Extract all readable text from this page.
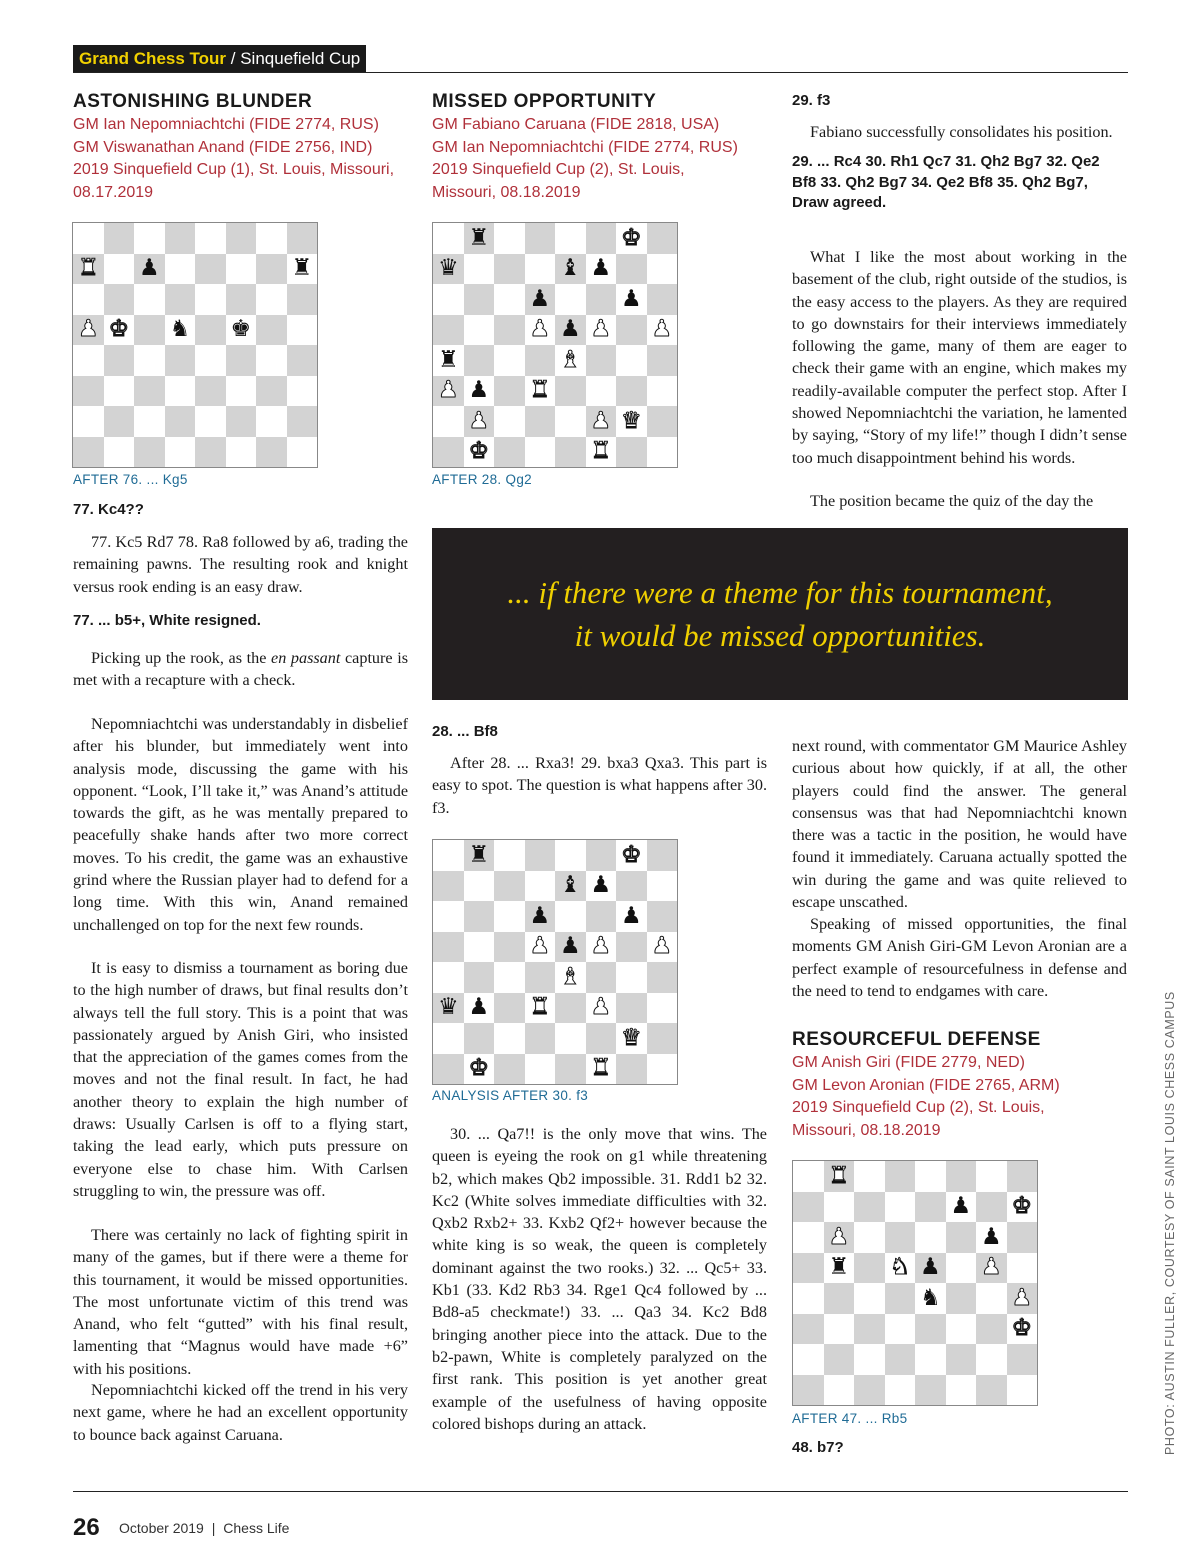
Grand Chess Tour / Sinquefield Cup
ASTONISHING BLUNDER
GM Ian Nepomniachtchi (FIDE 2774, RUS)
GM Viswanathan Anand (FIDE 2756, IND)
2019 Sinquefield Cup (1), St. Louis, Missouri,
08.17.2019
♜ ♟	♜
♟ ♚ ♞ ♚
AFTER 76. ... Kg5
77. Kc4??

77. Kc5 Rd7 78. Ra8 followed by a6, trading the remaining pawns. The resulting rook and knight versus rook ending is an easy draw.

77. ... b5+, White resigned.

Picking up the rook, as the en passant capture is met with a recapture with a check.

Nepomniachtchi was understandably in disbelief after his blunder, but immediately went into analysis mode, discussing the game with his opponent. “Look, I’ll take it,” was Anand’s attitude towards the gift, as he was mentally prepared to peacefully shake hands after two more correct moves. To his credit, the game was an exhaustive grind where the Russian player had to defend for a long time. With this win, Anand remained unchallenged on top for the next few rounds.

It is easy to dismiss a tournament as boring due to the high number of draws, but final results don’t always tell the full story. This is a point that was passionately argued by Anish Giri, who insisted that the appreciation of the games comes from the moves and not the final result. In fact, he had another theory to explain the high number of draws: Usually Carlsen is off to a flying start, taking the lead early, which puts pressure on everyone else to chase him. With Carlsen struggling to win, the pressure was off.

There was certainly no lack of fighting spirit in many of the games, but if there were a theme for this tournament, it would be missed opportunities. The most unfortunate victim of this trend was Anand, who felt “gutted” with his final result, lamenting that “Magnus would have made +6” with his positions.

Nepomniachtchi kicked off the trend in his very next game, where he had an excellent opportunity to bounce back against Caruana.

MISSED OPPORTUNITY
GM Fabiano Caruana (FIDE 2818, USA)
GM Ian Nepomniachtchi (FIDE 2774, RUS)
2019 Sinquefield Cup (2), St. Louis,
Missouri, 08.18.2019
♜	♚
♛	♝ ♟
♟	♟
♟ ♟ ♟ ♟
♜	♝
♟ ♟ ♜
♟	♟ ♛
♚	♜
AFTER 28. Qg2
29. f3

Fabiano successfully consolidates his position.

29. ... Rc4 30. Rh1 Qc7 31. Qh2 Bg7 32. Qe2 Bf8 33. Qh2 Bg7 34. Qe2 Bf8 35. Qh2 Bg7, Draw agreed.

What I like the most about working in the basement of the club, right outside of the studios, is the easy access to the players. As they are required to go downstairs for their interviews immediately following the game, many of them are eager to check their game with an engine, which makes my readily-available computer the perfect stop. After I showed Nepomniachtchi the variation, he lamented by saying, “Story of my life!” though I didn’t sense too much disappointment behind his words.

The position became the quiz of the day the

... if there were a theme for this tournament,
it would be missed opportunities.
28. ... Bf8

After 28. ... Rxa3! 29. bxa3 Qxa3. This part is easy to spot. The question is what happens after 30. f3.

♜	♚
♝ ♟
♟	♟
♟ ♟ ♟ ♟
♝
♛ ♟ ♜ ♟
♛
♚	♜
ANALYSIS AFTER 30. f3

30. ... Qa7!! is the only move that wins. The queen is eyeing the rook on g1 while threatening b2, which makes Qb2 impossible. 31. Rdd1 b2 32. Kc2 (White solves immediate difficulties with 32. Qxb2 Rxb2+ 33. Kxb2 Qf2+ however because the white king is so weak, the queen is completely dominant against the two rooks.) 32. ... Qc5+ 33. Kb1 (33. Kd2 Rb3 34. Rge1 Qc4 followed by ... Bd8-a5 checkmate!) 33. ... Qa3 34. Kc2 Bd8 bringing another piece into the attack. Due to the b2-pawn, White is completely paralyzed on the first rank. This position is yet another great example of the usefulness of having opposite colored bishops during an attack.

next round, with commentator GM Maurice Ashley curious about how quickly, if at all, the other players could find the answer. The general consensus was that had Nepomniachtchi known there was a tactic in the position, he would have found it immediately. Caruana actually spotted the win during the game and was quite relieved to escape unscathed.

Speaking of missed opportunities, the final moments GM Anish Giri-GM Levon Aronian are a perfect example of resourcefulness in defense and the need to tend to endgames with care.

RESOURCEFUL DEFENSE
GM Anish Giri (FIDE 2779, NED)
GM Levon Aronian (FIDE 2765, ARM)
2019 Sinquefield Cup (2), St. Louis,
Missouri, 08.18.2019
♜
♟ ♚
♟	♟
♜ ♞ ♟ ♟
♞	♟
♚
AFTER 47. ... Rb5
48. b7?	PHOTO: AUSTIN FULLER, COURTESY OF SAINT LOUIS CHESS CAMPUS
26 October 2019 | Chess Life
